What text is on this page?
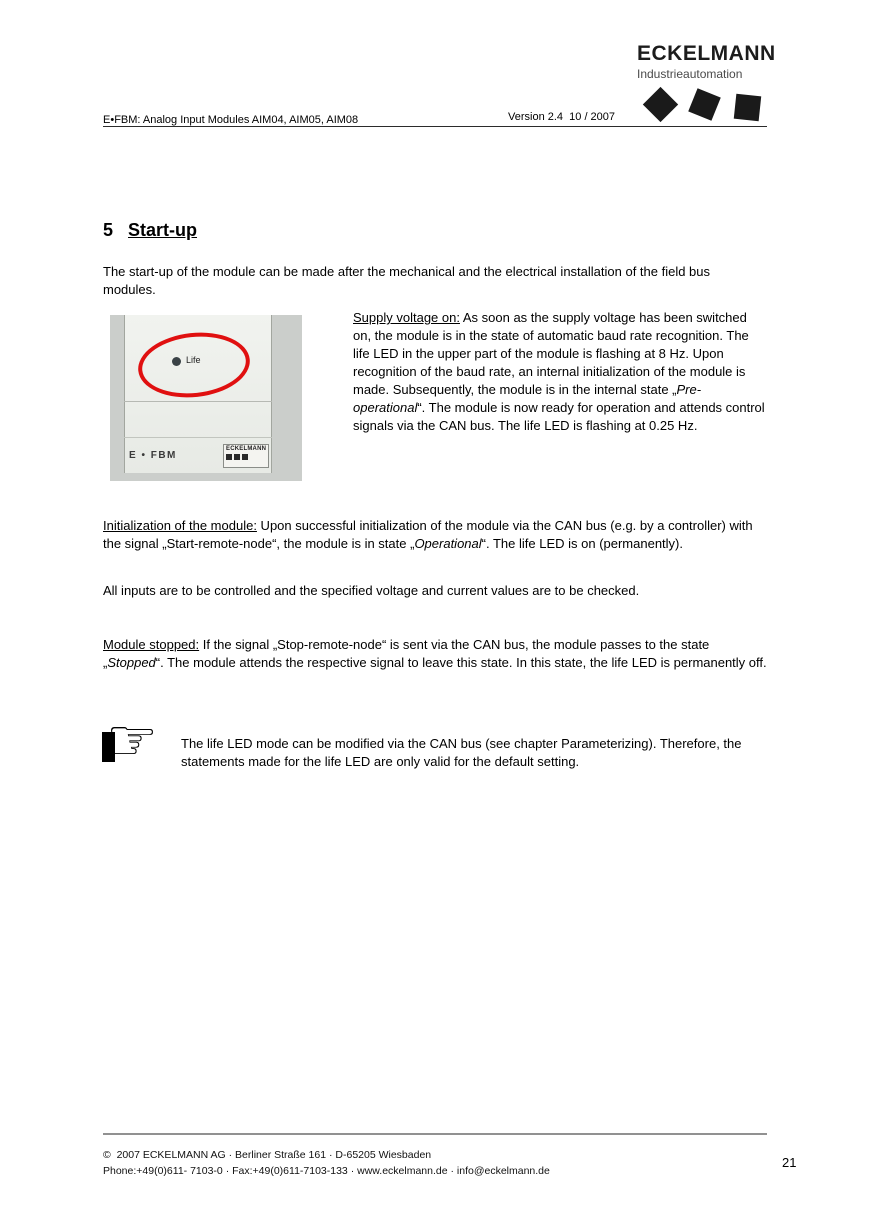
E•FBM: Analog Input Modules AIM04, AIM05, AIM08	Version 2.4  10 / 2007
ECKELMANN
Industrieautomation
5 Start-up

The start-up of the module can be made after the mechanical and the electrical installation of the field bus modules.

Life
E • FBM
ECKELMANN

Supply voltage on: As soon as the supply voltage has been switched on, the module is in the state of automatic baud rate recognition. The life LED in the upper part of the module is flashing at 8 Hz. Upon recognition of the baud rate, an internal initialization of the module is made. Subsequently, the module is in the internal state „Pre-operational“. The module is now ready for operation and attends control signals via the CAN bus. The life LED is flashing at 0.25 Hz.

Initialization of the module: Upon successful initialization of the module via the CAN bus (e.g. by a controller) with the signal „Start-remote-node“, the module is in state „Operational“. The life LED is on (permanently).

All inputs are to be controlled and the specified voltage and current values are to be checked.

Module stopped: If the signal „Stop-remote-node“ is sent via the CAN bus, the module passes to the state „Stopped“. The module attends the respective signal to leave this state. In this state, the life LED is permanently off.

☞ The life LED mode can be modified via the CAN bus (see chapter Parameterizing). Therefore, the statements made for the life LED are only valid for the default setting.

©  2007 ECKELMANN AG · Berliner Straße 161 · D-65205 Wiesbaden
Phone:+49(0)611- 7103-0 · Fax:+49(0)611-7103-133 · www.eckelmann.de · info@eckelmann.de
21
